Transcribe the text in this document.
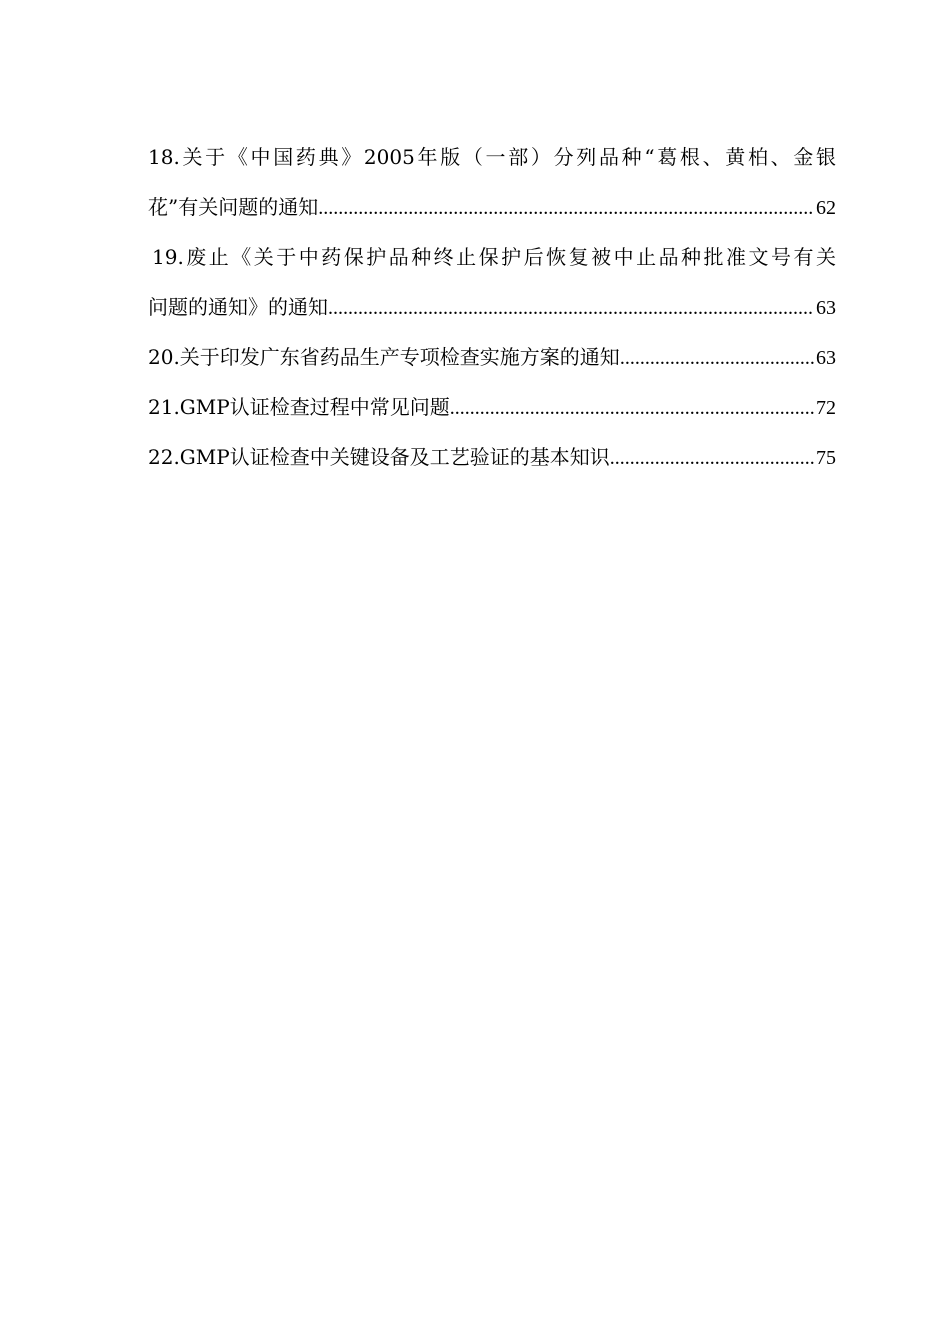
18.关于《中国药典》2005年版（一部）分列品种“葛根、黄柏、金银
花”有关问题的通知 .....	62
19.废止《关于中药保护品种终止保护后恢复被中止品种批准文号有关
问题的通知》的通知 .....	63
20.关于印发广东省药品生产专项检查实施方案的通知 .....	63
21.GMP认证检查过程中常见问题 .....	72
22.GMP认证检查中关键设备及工艺验证的基本知识 .....	75
